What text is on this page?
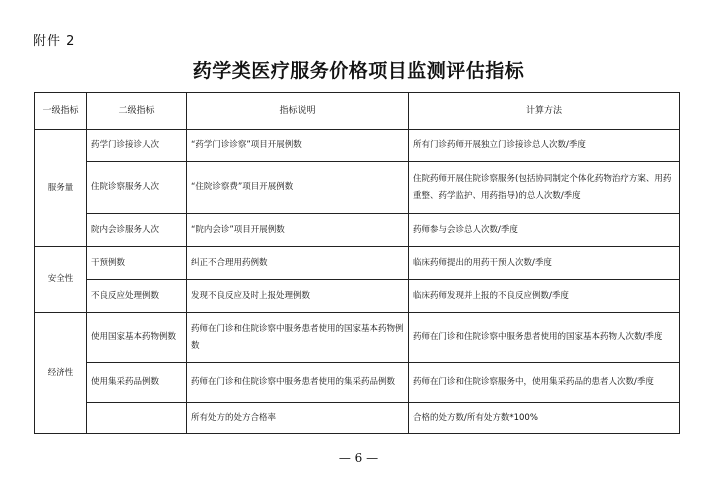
附件 2
药学类医疗服务价格项目监测评估指标
一级指标	二级指标	指标说明	计算方法
服务量	药学门诊接诊人次	“药学门诊诊察”项目开展例数	所有门诊药师开展独立门诊接诊总人次数/季度
	住院诊察服务人次	“住院诊察费”项目开展例数	住院药师开展住院诊察服务(包括协同制定个体化药物治疗方案、用药重整、药学监护、用药指导)的总人次数/季度
	院内会诊服务人次	“院内会诊”项目开展例数	药师参与会诊总人次数/季度
安全性	干预例数	纠正不合理用药例数	临床药师提出的用药干预人次数/季度
	不良反应处理例数	发现不良反应及时上报处理例数	临床药师发现并上报的不良反应例数/季度
经济性	使用国家基本药物例数	药师在门诊和住院诊察中服务患者使用的国家基本药物例数	药师在门诊和住院诊察中服务患者使用的国家基本药物人次数/季度
	使用集采药品例数	药师在门诊和住院诊察中服务患者使用的集采药品例数	药师在门诊和住院诊察服务中，使用集采药品的患者人次数/季度
		所有处方的处方合格率	合格的处方数/所有处方数*100%
— 6 —
